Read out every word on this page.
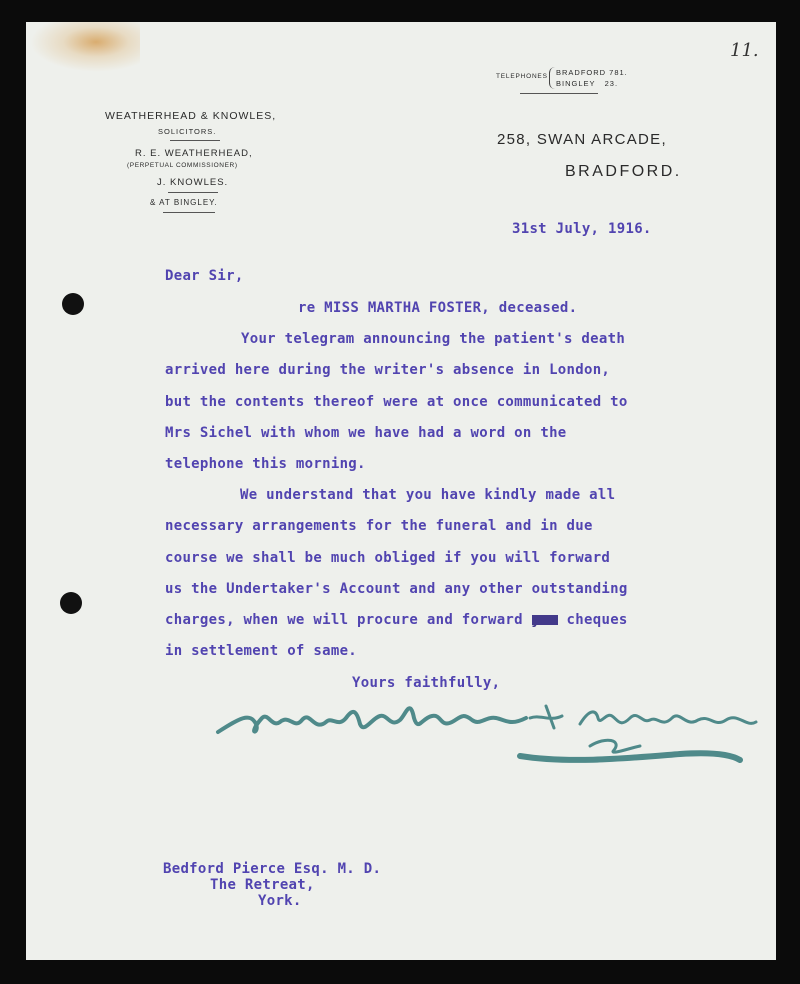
11.
WEATHERHEAD & KNOWLES,
SOLICITORS.
R. E. WEATHERHEAD,
(PERPETUAL COMMISSIONER)
J. KNOWLES.
& AT BINGLEY.
TELEPHONES BRADFORD 781.
BINGLEY   23.
258, SWAN ARCADE,
BRADFORD.
31st July, 1916.
Dear Sir,
re MISS MARTHA FOSTER, deceased.
Your telegram announcing the patient's death
arrived here during the writer's absence in London,
but the contents thereof were at once communicated to
Mrs Sichel with whom we have had a word on the
telephone this morning.
We understand that you have kindly made all
necessary arrangements for the funeral and in due
course we shall be much obliged if you will forward
us the Undertaker's Account and any other outstanding
charges, when we will procure and forward you cheques
in settlement of same.
Yours faithfully,
Bedford Pierce Esq. M. D.
The Retreat,
York.
